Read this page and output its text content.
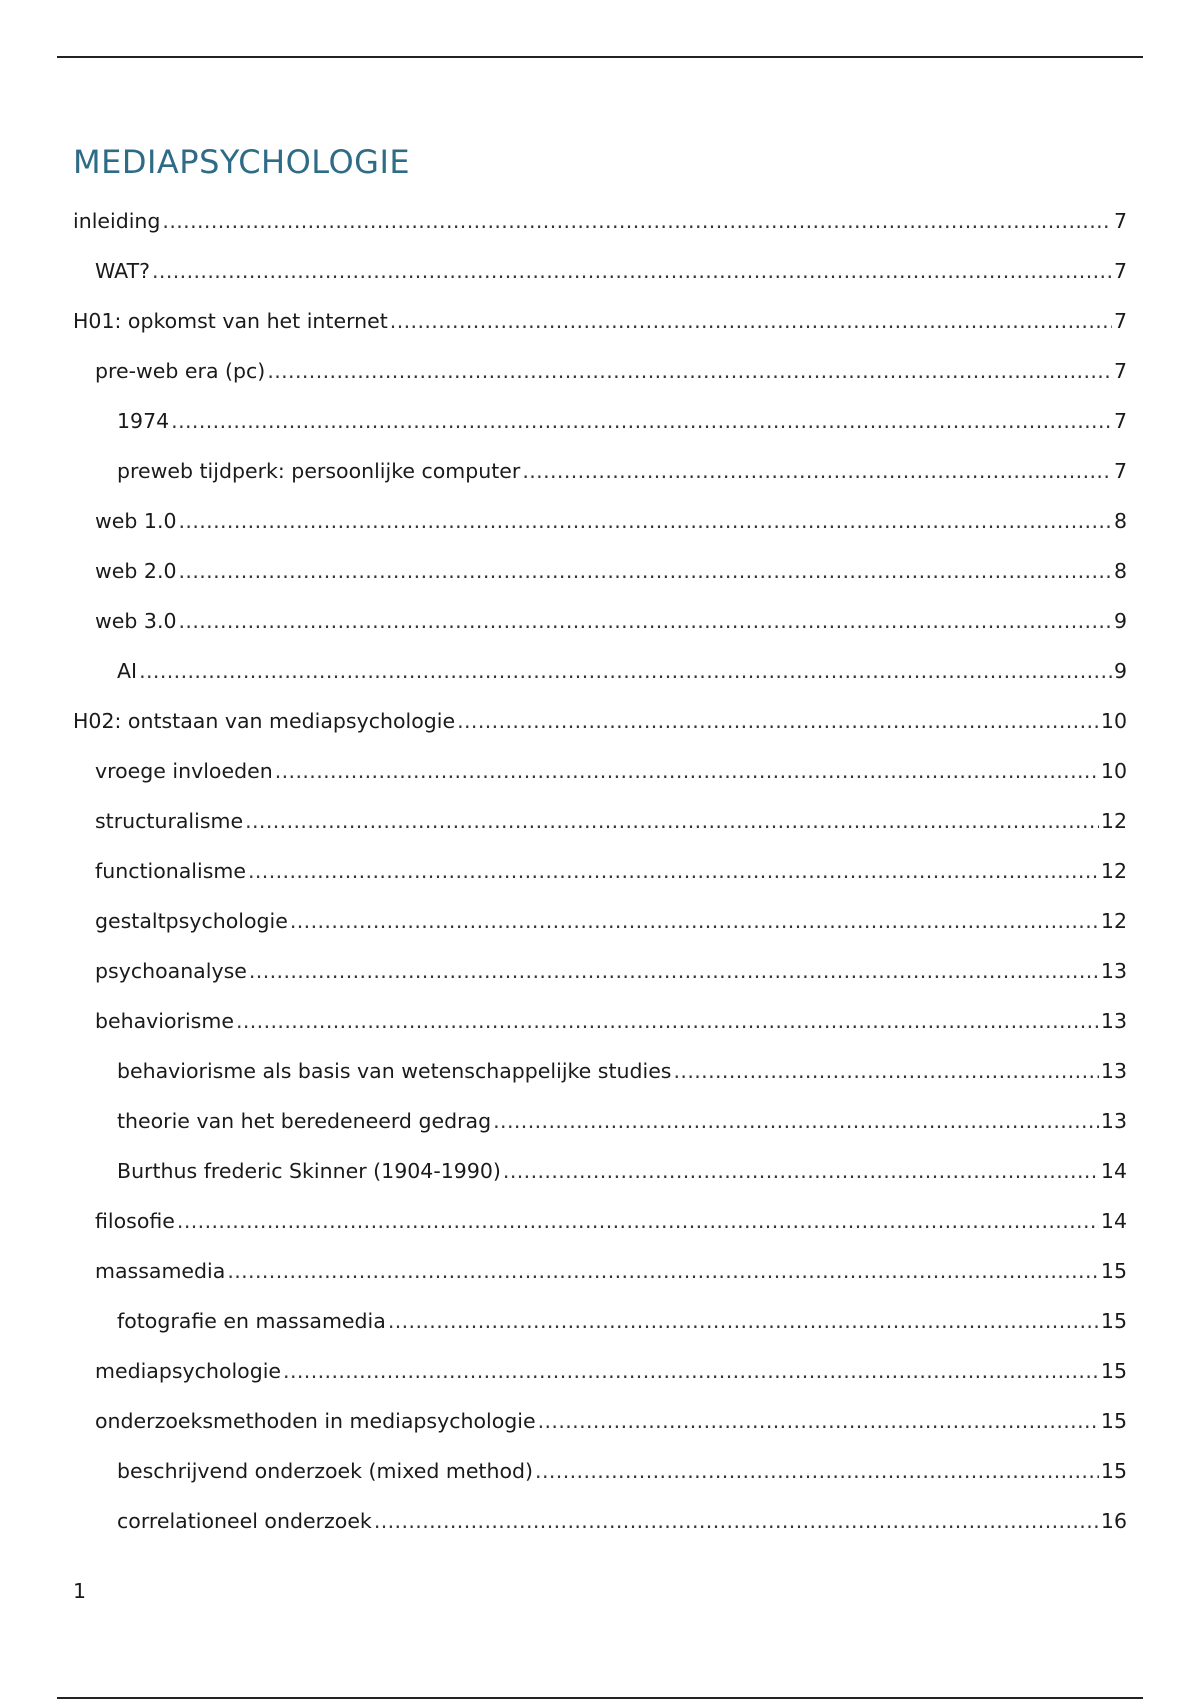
MEDIAPSYCHOLOGIE
inleiding .....	7
WAT? .....	7
H01: opkomst van het internet .....	7
pre-web era (pc) .....	7
1974 .....	7
preweb tijdperk: persoonlijke computer .....	7
web 1.0 .....	8
web 2.0 .....	8
web 3.0 .....	9
AI .....	9
H02: ontstaan van mediapsychologie .....	10
vroege invloeden .....	10
structuralisme .....	12
functionalisme .....	12
gestaltpsychologie .....	12
psychoanalyse .....	13
behaviorisme .....	13
behaviorisme als basis van wetenschappelijke studies .....	13
theorie van het beredeneerd gedrag .....	13
Burthus frederic Skinner (1904-1990) .....	14
filosofie .....	14
massamedia .....	15
fotografie en massamedia .....	15
mediapsychologie .....	15
onderzoeksmethoden in mediapsychologie .....	15
beschrijvend onderzoek (mixed method) .....	15
correlationeel onderzoek .....	16
1
